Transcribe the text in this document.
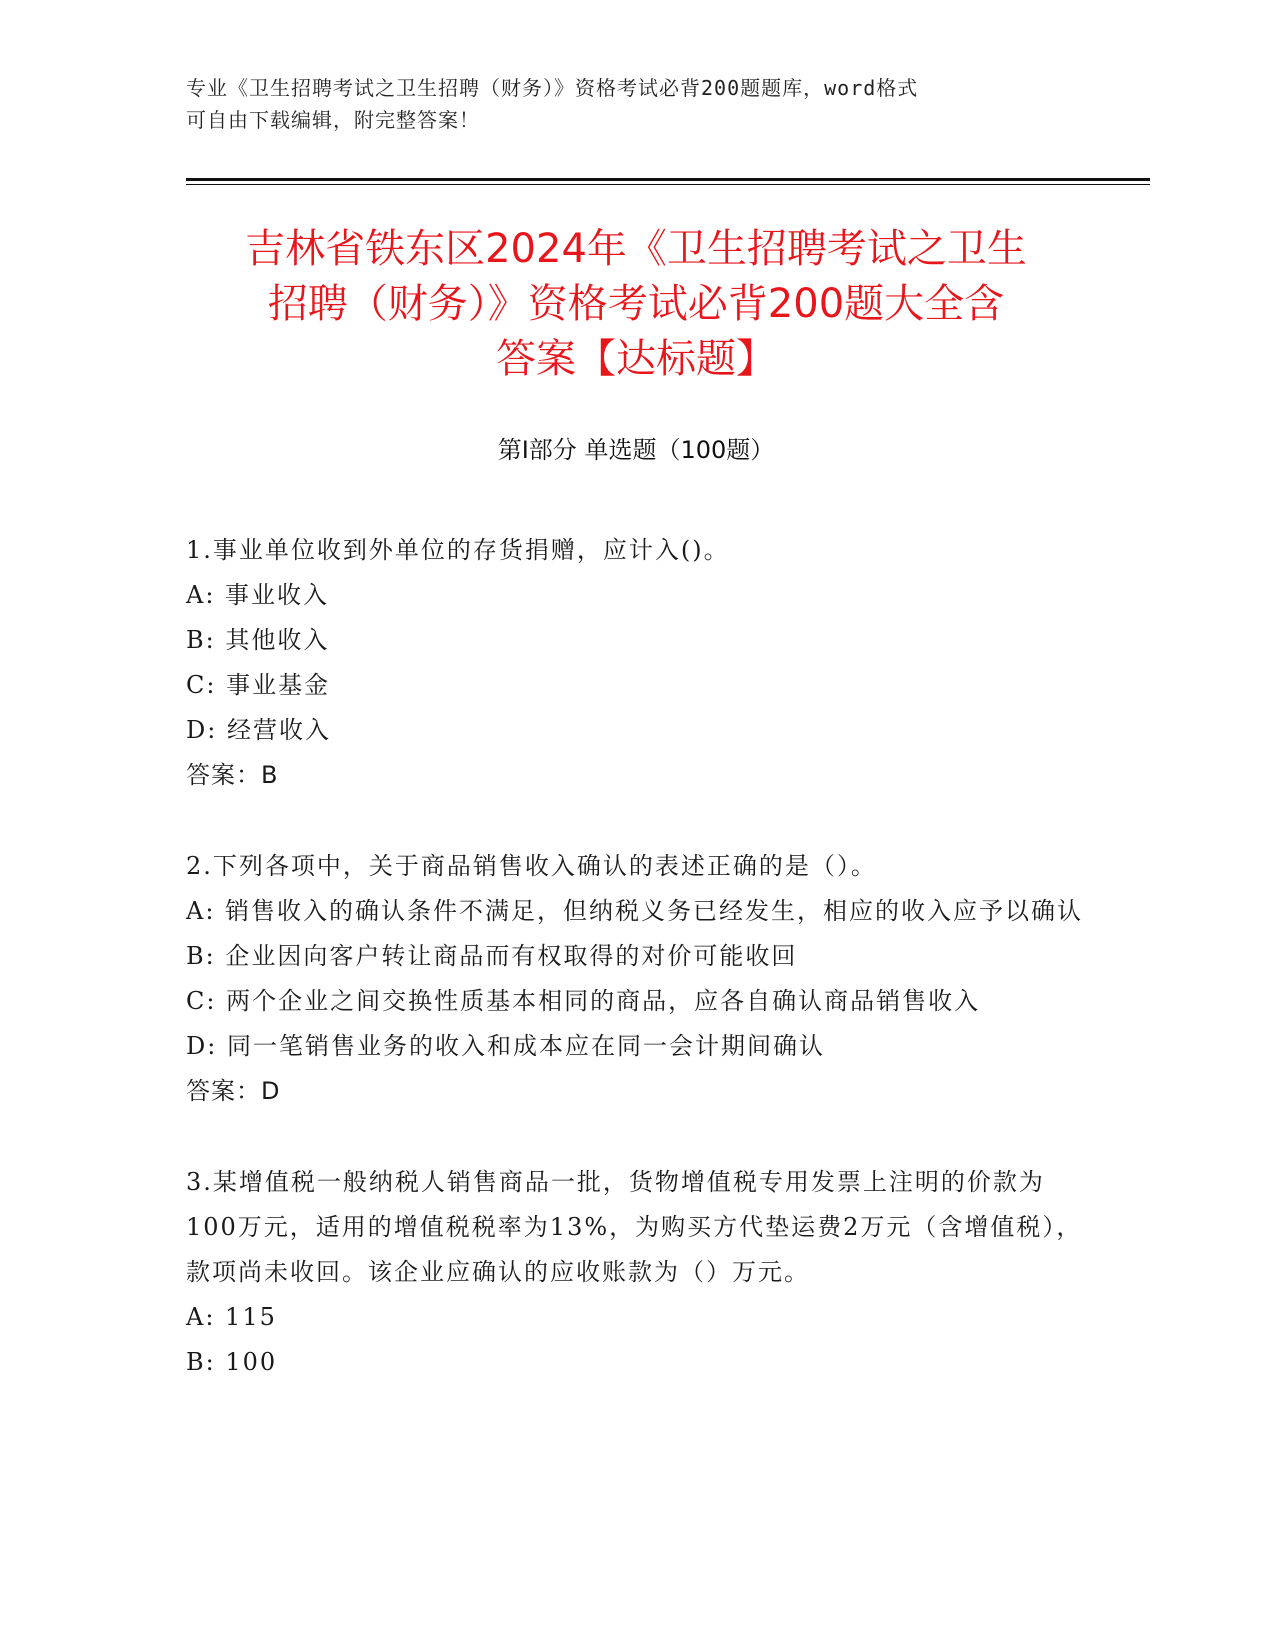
专业《卫生招聘考试之卫生招聘（财务）》资格考试必背200题题库，word格式
可自由下载编辑，附完整答案！
吉林省铁东区2024年《卫生招聘考试之卫生
招聘（财务）》资格考试必背200题大全含
答案【达标题】
第I部分 单选题（100题）
1.事业单位收到外单位的存货捐赠，应计入()。
A: 事业收入
B: 其他收入
C: 事业基金
D: 经营收入
答案：B
2.下列各项中，关于商品销售收入确认的表述正确的是（）。
A: 销售收入的确认条件不满足，但纳税义务已经发生，相应的收入应予以确认
B: 企业因向客户转让商品而有权取得的对价可能收回
C: 两个企业之间交换性质基本相同的商品，应各自确认商品销售收入
D: 同一笔销售业务的收入和成本应在同一会计期间确认
答案：D
3.某增值税一般纳税人销售商品一批，货物增值税专用发票上注明的价款为100万元，适用的增值税税率为13%，为购买方代垫运费2万元（含增值税），款项尚未收回。该企业应确认的应收账款为（）万元。
A: 115
B: 100
